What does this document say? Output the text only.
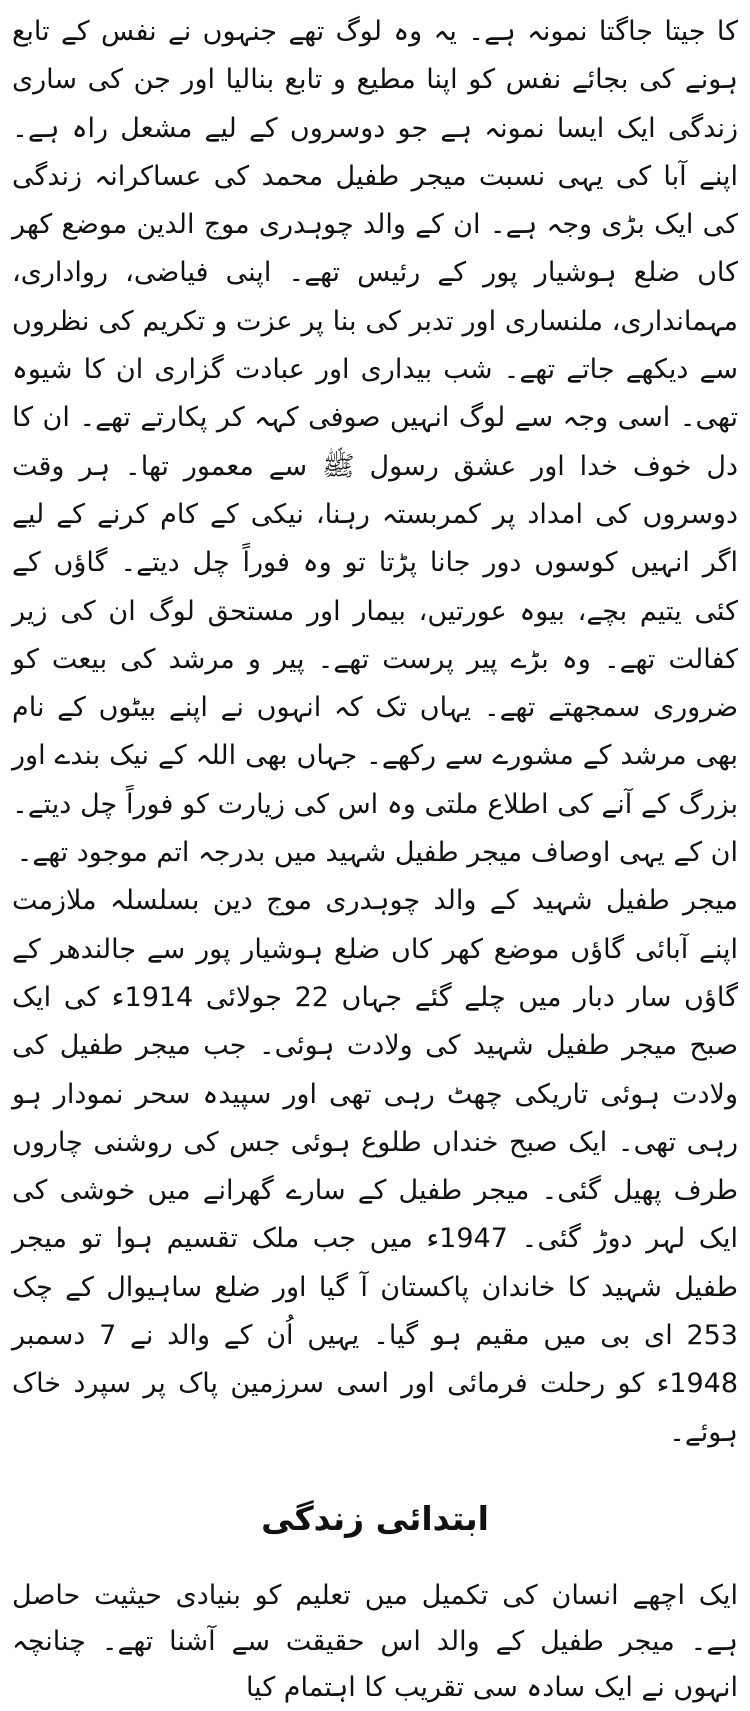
کا جیتا جاگتا نمونہ ہے۔ یہ وہ لوگ تھے جنہوں نے نفس کے تابع ہونے کی بجائے نفس کو اپنا مطیع و تابع بنالیا اور جن کی ساری زندگی ایک ایسا نمونہ ہے جو دوسروں کے لیے مشعل راہ ہے۔ اپنے آبا کی یہی نسبت میجر طفیل محمد کی عساکرانہ زندگی کی ایک بڑی وجہ ہے۔ ان کے والد چوہدری موج الدین موضع کھر کاں ضلع ہوشیار پور کے رئیس تھے۔ اپنی فیاضی، رواداری، مہمانداری، ملنساری اور تدبر کی بنا پر عزت و تکریم کی نظروں سے دیکھے جاتے تھے۔ شب بیداری اور عبادت گزاری ان کا شیوہ تھی۔ اسی وجہ سے لوگ انہیں صوفی کہہ کر پکارتے تھے۔ ان کا دل خوف خدا اور عشق رسول ﷺ سے معمور تھا۔ ہر وقت دوسروں کی امداد پر کمربستہ رہنا، نیکی کے کام کرنے کے لیے اگر انہیں کوسوں دور جانا پڑتا تو وہ فوراً چل دیتے۔ گاؤں کے کئی یتیم بچے، بیوہ عورتیں، بیمار اور مستحق لوگ ان کی زیر کفالت تھے۔ وہ بڑے پیر پرست تھے۔ پیر و مرشد کی بیعت کو ضروری سمجھتے تھے۔ یہاں تک کہ انہوں نے اپنے بیٹوں کے نام بھی مرشد کے مشورے سے رکھے۔ جہاں بھی اللہ کے نیک بندے اور بزرگ کے آنے کی اطلاع ملتی وہ اس کی زیارت کو فوراً چل دیتے۔ ان کے یہی اوصاف میجر طفیل شہید میں بدرجہ اتم موجود تھے۔

میجر طفیل شہید کے والد چوہدری موج دین بسلسلہ ملازمت اپنے آبائی گاؤں موضع کھر کاں ضلع ہوشیار پور سے جالندھر کے گاؤں سار دبار میں چلے گئے جہاں 22 جولائی 1914ء کی ایک صبح میجر طفیل شہید کی ولادت ہوئی۔ جب میجر طفیل کی ولادت ہوئی تاریکی چھٹ رہی تھی اور سپیدہ سحر نمودار ہو رہی تھی۔ ایک صبح خنداں طلوع ہوئی جس کی روشنی چاروں طرف پھیل گئی۔ میجر طفیل کے سارے گھرانے میں خوشی کی ایک لہر دوڑ گئی۔ 1947ء میں جب ملک تقسیم ہوا تو میجر طفیل شہید کا خاندان پاکستان آ گیا اور ضلع ساہیوال کے چک 253 ای بی میں مقیم ہو گیا۔ یہیں اُن کے والد نے 7 دسمبر 1948ء کو رحلت فرمائی اور اسی سرزمین پاک پر سپرد خاک ہوئے۔

ابتدائی زندگی

ایک اچھے انسان کی تکمیل میں تعلیم کو بنیادی حیثیت حاصل ہے۔ میجر طفیل کے والد اس حقیقت سے آشنا تھے۔ چنانچہ انہوں نے ایک سادہ سی تقریب کا اہتمام کیا
